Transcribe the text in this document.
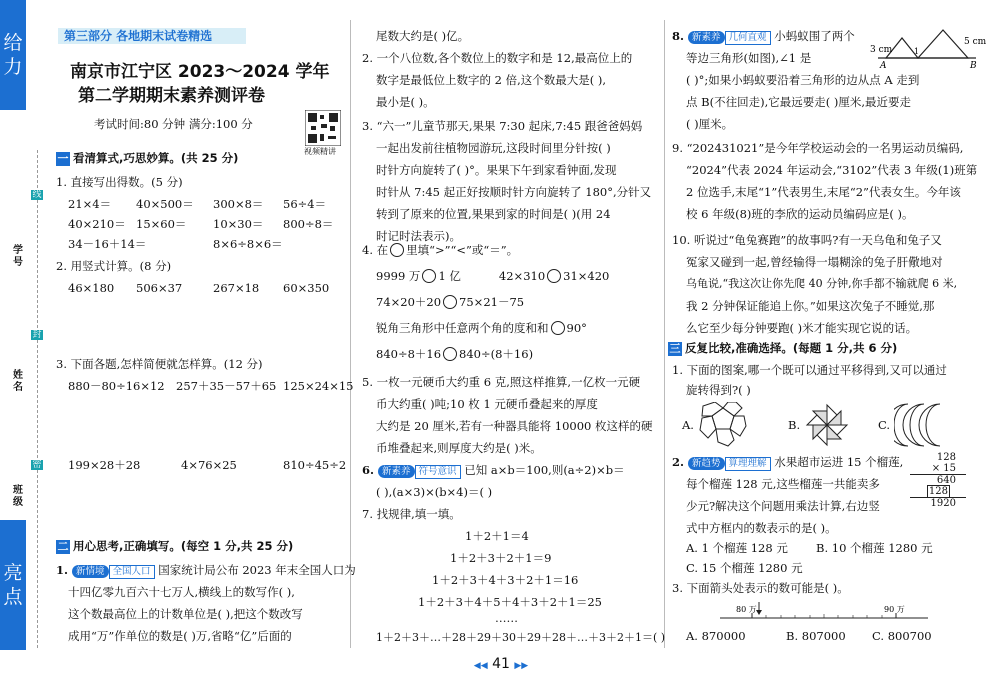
给
力
亮
点
线
封
密
学号
姓名
班级
第三部分 各地期末试卷精选
南京市江宁区 2023～2024 学年
第二学期期末素养测评卷
考试时间:80 分钟 满分:100 分
视频精讲
一 看清算式,巧思妙算。(共 25 分)
1. 直接写出得数。(5 分)
21×4＝ 40×500＝ 300×8＝ 56÷4＝
40×210＝ 15×60＝ 10×30＝ 800÷8＝
34－16＋14＝	8×6÷8×6＝
2. 用竖式计算。(8 分)
46×180 506×37	267×18 60×350
3. 下面各题,怎样简便就怎样算。(12 分)
880－80÷16×12 257＋35－57＋65 125×24×15
199×28＋28	4×76×25	810÷45÷2
二 用心思考,正确填写。(每空 1 分,共 25 分)
1. 新情境 全国人口 国家统计局公布 2023 年末全国人口为
十四亿零九百六十七万人,横线上的数写作( ),
这个数最高位上的计数单位是( ),把这个数改写
成用“万”作单位的数是( )万,省略“亿”后面的
尾数大约是( )亿。
2. 一个八位数,各个数位上的数字和是 12,最高位上的
数字是最低位上数字的 2 倍,这个数最大是( ),
最小是( )。
3. “六一”儿童节那天,果果 7:30 起床,7:45 跟爸爸妈妈
一起出发前往植物园游玩,这段时间里分针按( )
时针方向旋转了( )°。果果下午到家看钟面,发现
时针从 7:45 起正好按顺时针方向旋转了 180°,分针又
转到了原来的位置,果果到家的时间是( )(用 24
时记时法表示)。
4. 在 里填“>”“<”或“＝”。
9999 万 1 亿	42×310 31×420
74×20＋20 75×21－75
锐角三角形中任意两个角的度和和 90°
840÷8＋16 840÷(8＋16)
5. 一枚一元硬币大约重 6 克,照这样推算,一亿枚一元硬
币大约重( )吨;10 枚 1 元硬币叠起来的厚度
大约是 20 厘米,若有一种器具能将 10000 枚这样的硬
币堆叠起来,则厚度大约是( )米。
6. 新素养 符号意识 已知 a×b＝100,则(a÷2)×b＝
( ),(a×3)×(b×4)＝( )
7. 找规律,填一填。
1＋2＋1＝4
1＋2＋3＋2＋1＝9
1＋2＋3＋4＋3＋2＋1＝16
1＋2＋3＋4＋5＋4＋3＋2＋1＝25
……
1＋2＋3＋…＋28＋29＋30＋29＋28＋…＋3＋2＋1＝( )
8. 新素养 几何直观 小蚂蚁围了两个
3 cm
5 cm
A	B
1
等边三角形(如图),∠1 是
( )°;如果小蚂蚁要沿着三角形的边从点 A 走到
点 B(不往回走),它最远要走( )厘米,最近要走
( )厘米。
9. “202431021”是今年学校运动会的一名男运动员编码,
“2024”代表 2024 年运动会,“3102”代表 3 年级(1)班第
2 位选手,末尾“1”代表男生,末尾“2”代表女生。今年该
校 6 年级(8)班的李欣的运动员编码应是( )。
10. 听说过“龟兔赛跑”的故事吗?有一天乌龟和兔子又
冤家又碰到一起,曾经输得一塌糊涂的兔子肝儆地对
乌龟说,“我这次让你先爬 40 分钟,你手都不输就爬 6 米,
我 2 分钟保证能追上你。”如果这次兔子不睡觉,那
么它至少每分钟要跑( )米才能实现它说的话。
三 反复比较,准确选择。(每题 1 分,共 6 分)
1. 下面的图案,哪一个既可以通过平移得到,又可以通过
旋转得到?( )
A.	B.	C.
2. 新趋势 算理理解 水果超市运进 15 个榴莲,
每个榴莲 128 元,这些榴莲一共能卖多
少元?解决这个问题用乘法计算,右边竖
式中方框内的数表示的是( )。
128
× 15
640
128
1920
A. 1 个榴莲 128 元 B. 10 个榴莲 1280 元
C. 15 个榴莲 1280 元
3. 下面箭头处表示的数可能是( )。
80 万	90 万
A. 870000	B. 807000 C. 800700
◀◀ 41 ▶▶
